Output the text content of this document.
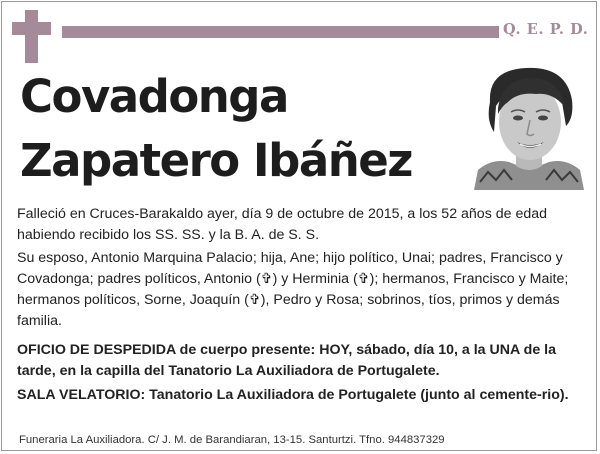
Q. E. P. D.
Covadonga
Zapatero Ibáñez
Falleció en Cruces-Barakaldo ayer, día 9 de octubre de 2015, a los 52 años de edad habiendo recibido los SS. SS. y la B. A. de S. S.
Su esposo, Antonio Marquina Palacio; hija, Ane; hijo político, Unai; padres, Francisco y Covadonga; padres políticos, Antonio (✞) y Herminia (✞); hermanos, Francisco y Maite; hermanos políticos, Sorne, Joaquín (✞), Pedro y Rosa; sobrinos, tíos, primos y demás familia.
OFICIO DE DESPEDIDA de cuerpo presente: HOY, sábado, día 10, a la UNA de la tarde, en la capilla del Tanatorio La Auxiliadora de Portugalete.
SALA VELATORIO: Tanatorio La Auxiliadora de Portugalete (junto al cemente-rio).
Funeraria La Auxiliadora. C/ J. M. de Barandiaran, 13-15. Santurtzi. Tfno. 944837329
